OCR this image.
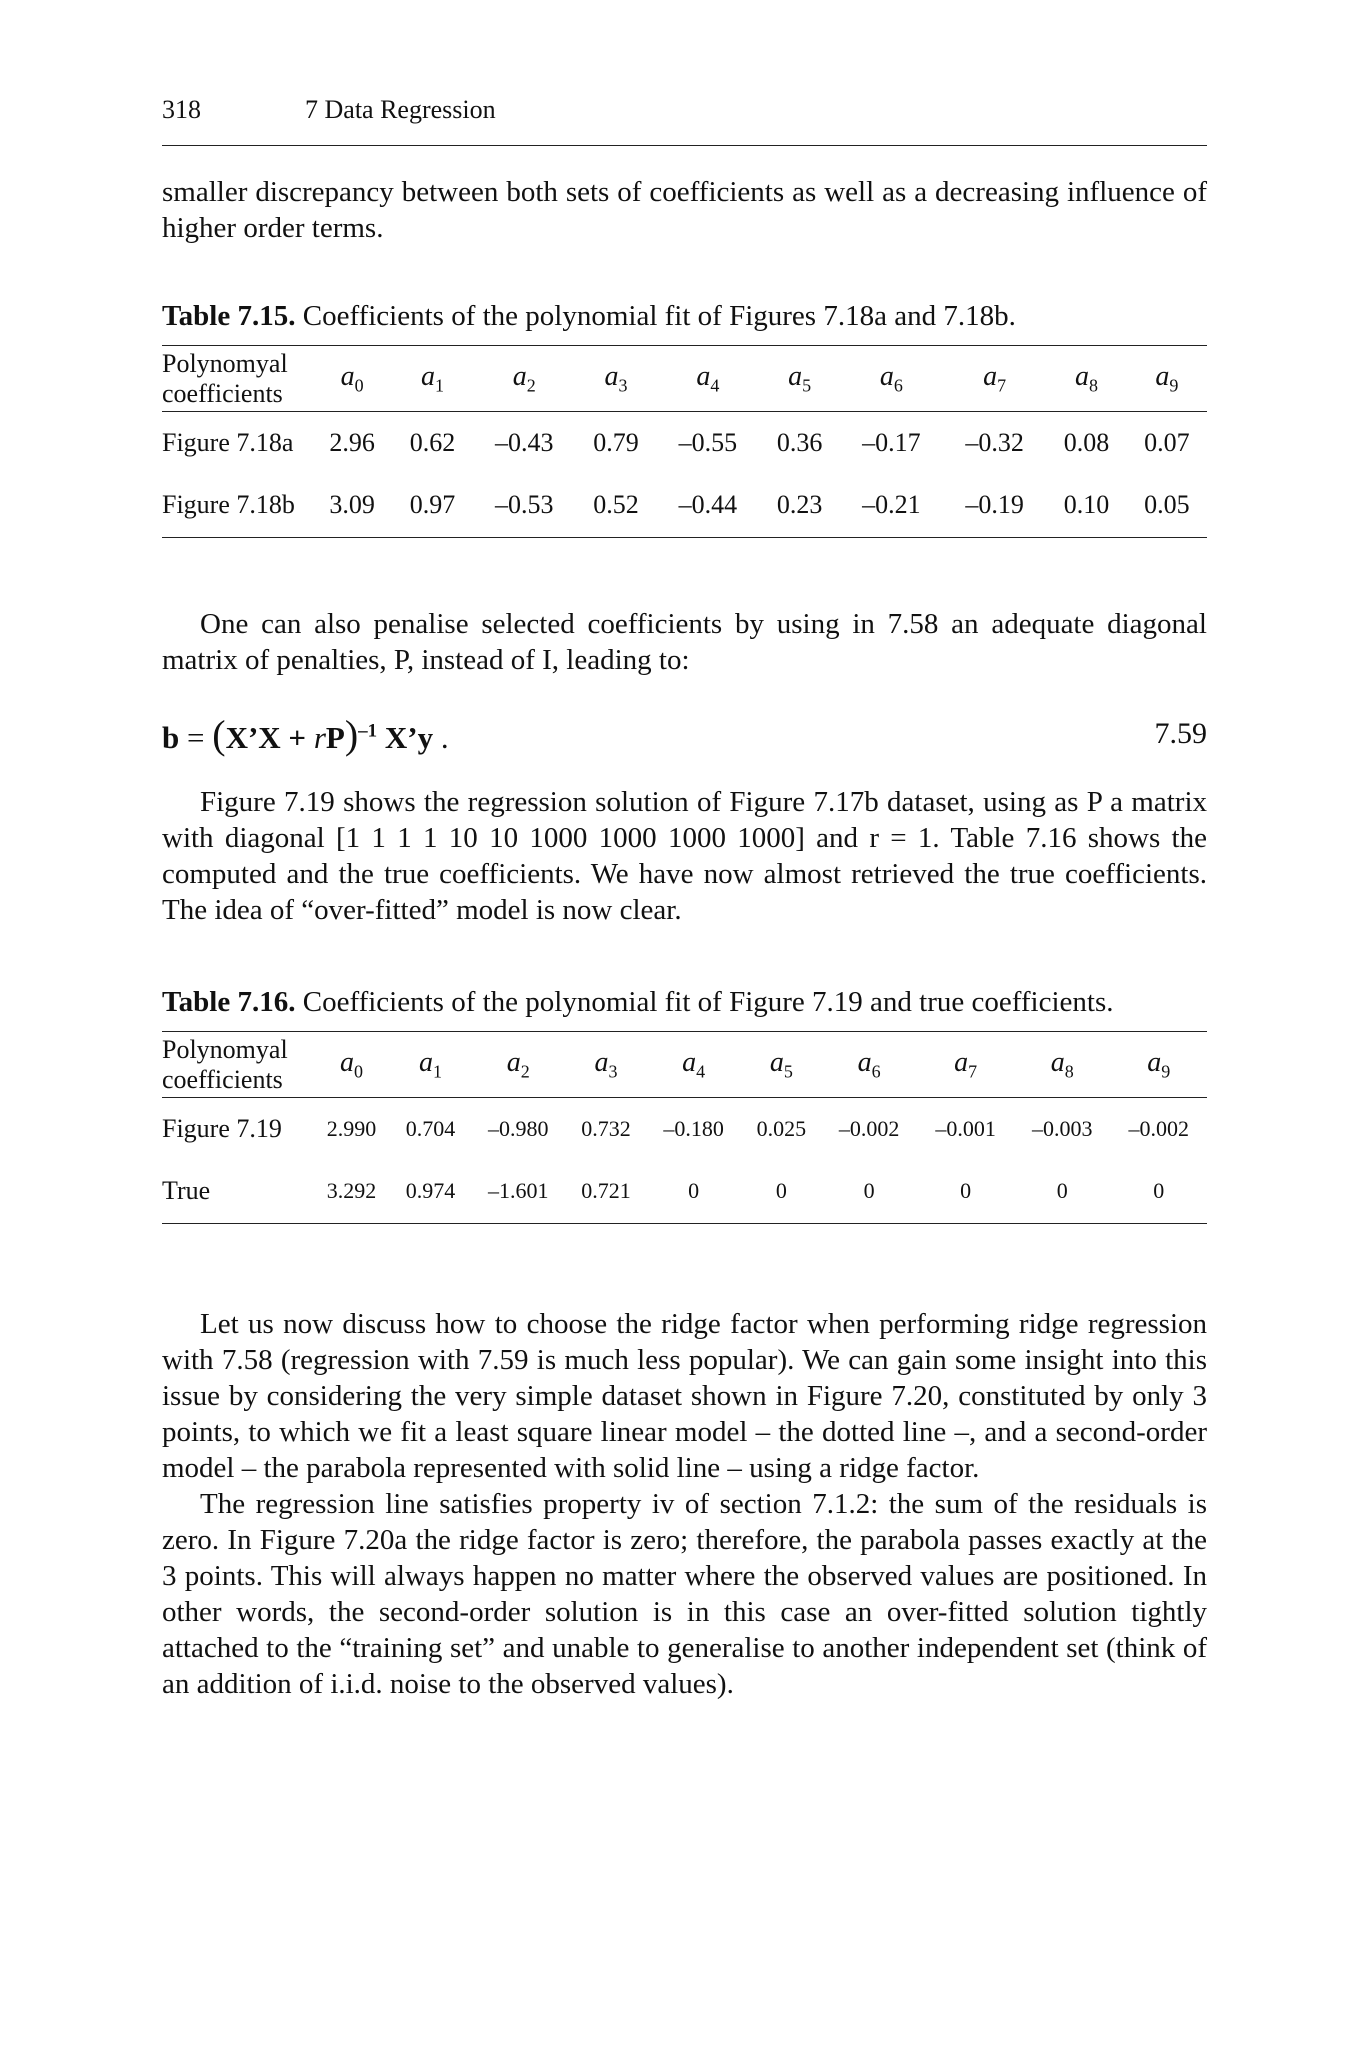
318	7 Data Regression

smaller discrepancy between both sets of coefficients as well as a decreasing influence of higher order terms.

Table 7.15. Coefficients of the polynomial fit of Figures 7.18a and 7.18b.

Polynomyal
coefficients	$a_0$	$a_1$	$a_2$	$a_3$	$a_4$	$a_5$	$a_6$	$a_7$	$a_8$	$a_9$
Figure 7.18a	2.96	0.62	–0.43	0.79	–0.55	0.36	–0.17	–0.32	0.08	0.07
Figure 7.18b	3.09	0.97	–0.53	0.52	–0.44	0.23	–0.21	–0.19	0.10	0.05

One can also penalise selected coefficients by using in 7.58 an adequate diagonal matrix of penalties, P, instead of I, leading to:

b = (X’X + rP)$^{-1}$ X’y .	7.59

Figure 7.19 shows the regression solution of Figure 7.17b dataset, using as P a matrix with diagonal [1 1 1 1 10 10 1000 1000 1000 1000] and r = 1. Table 7.16 shows the computed and the true coefficients. We have now almost retrieved the true coefficients. The idea of “over-fitted” model is now clear.

Table 7.16. Coefficients of the polynomial fit of Figure 7.19 and true coefficients.

Polynomyal
coefficients	$a_0$	$a_1$	$a_2$	$a_3$	$a_4$	$a_5$	$a_6$	$a_7$	$a_8$	$a_9$
Figure 7.19	2.990	0.704	–0.980	0.732	–0.180	0.025	–0.002	–0.001	–0.003	–0.002
True	3.292	0.974	–1.601	0.721	0	0	0	0	0	0

Let us now discuss how to choose the ridge factor when performing ridge regression with 7.58 (regression with 7.59 is much less popular). We can gain some insight into this issue by considering the very simple dataset shown in Figure 7.20, constituted by only 3 points, to which we fit a least square linear model – the dotted line –, and a second-order model – the parabola represented with solid line – using a ridge factor.

The regression line satisfies property iv of section 7.1.2: the sum of the residuals is zero. In Figure 7.20a the ridge factor is zero; therefore, the parabola passes exactly at the 3 points. This will always happen no matter where the observed values are positioned. In other words, the second-order solution is in this case an over-fitted solution tightly attached to the “training set” and unable to generalise to another independent set (think of an addition of i.i.d. noise to the observed values).
